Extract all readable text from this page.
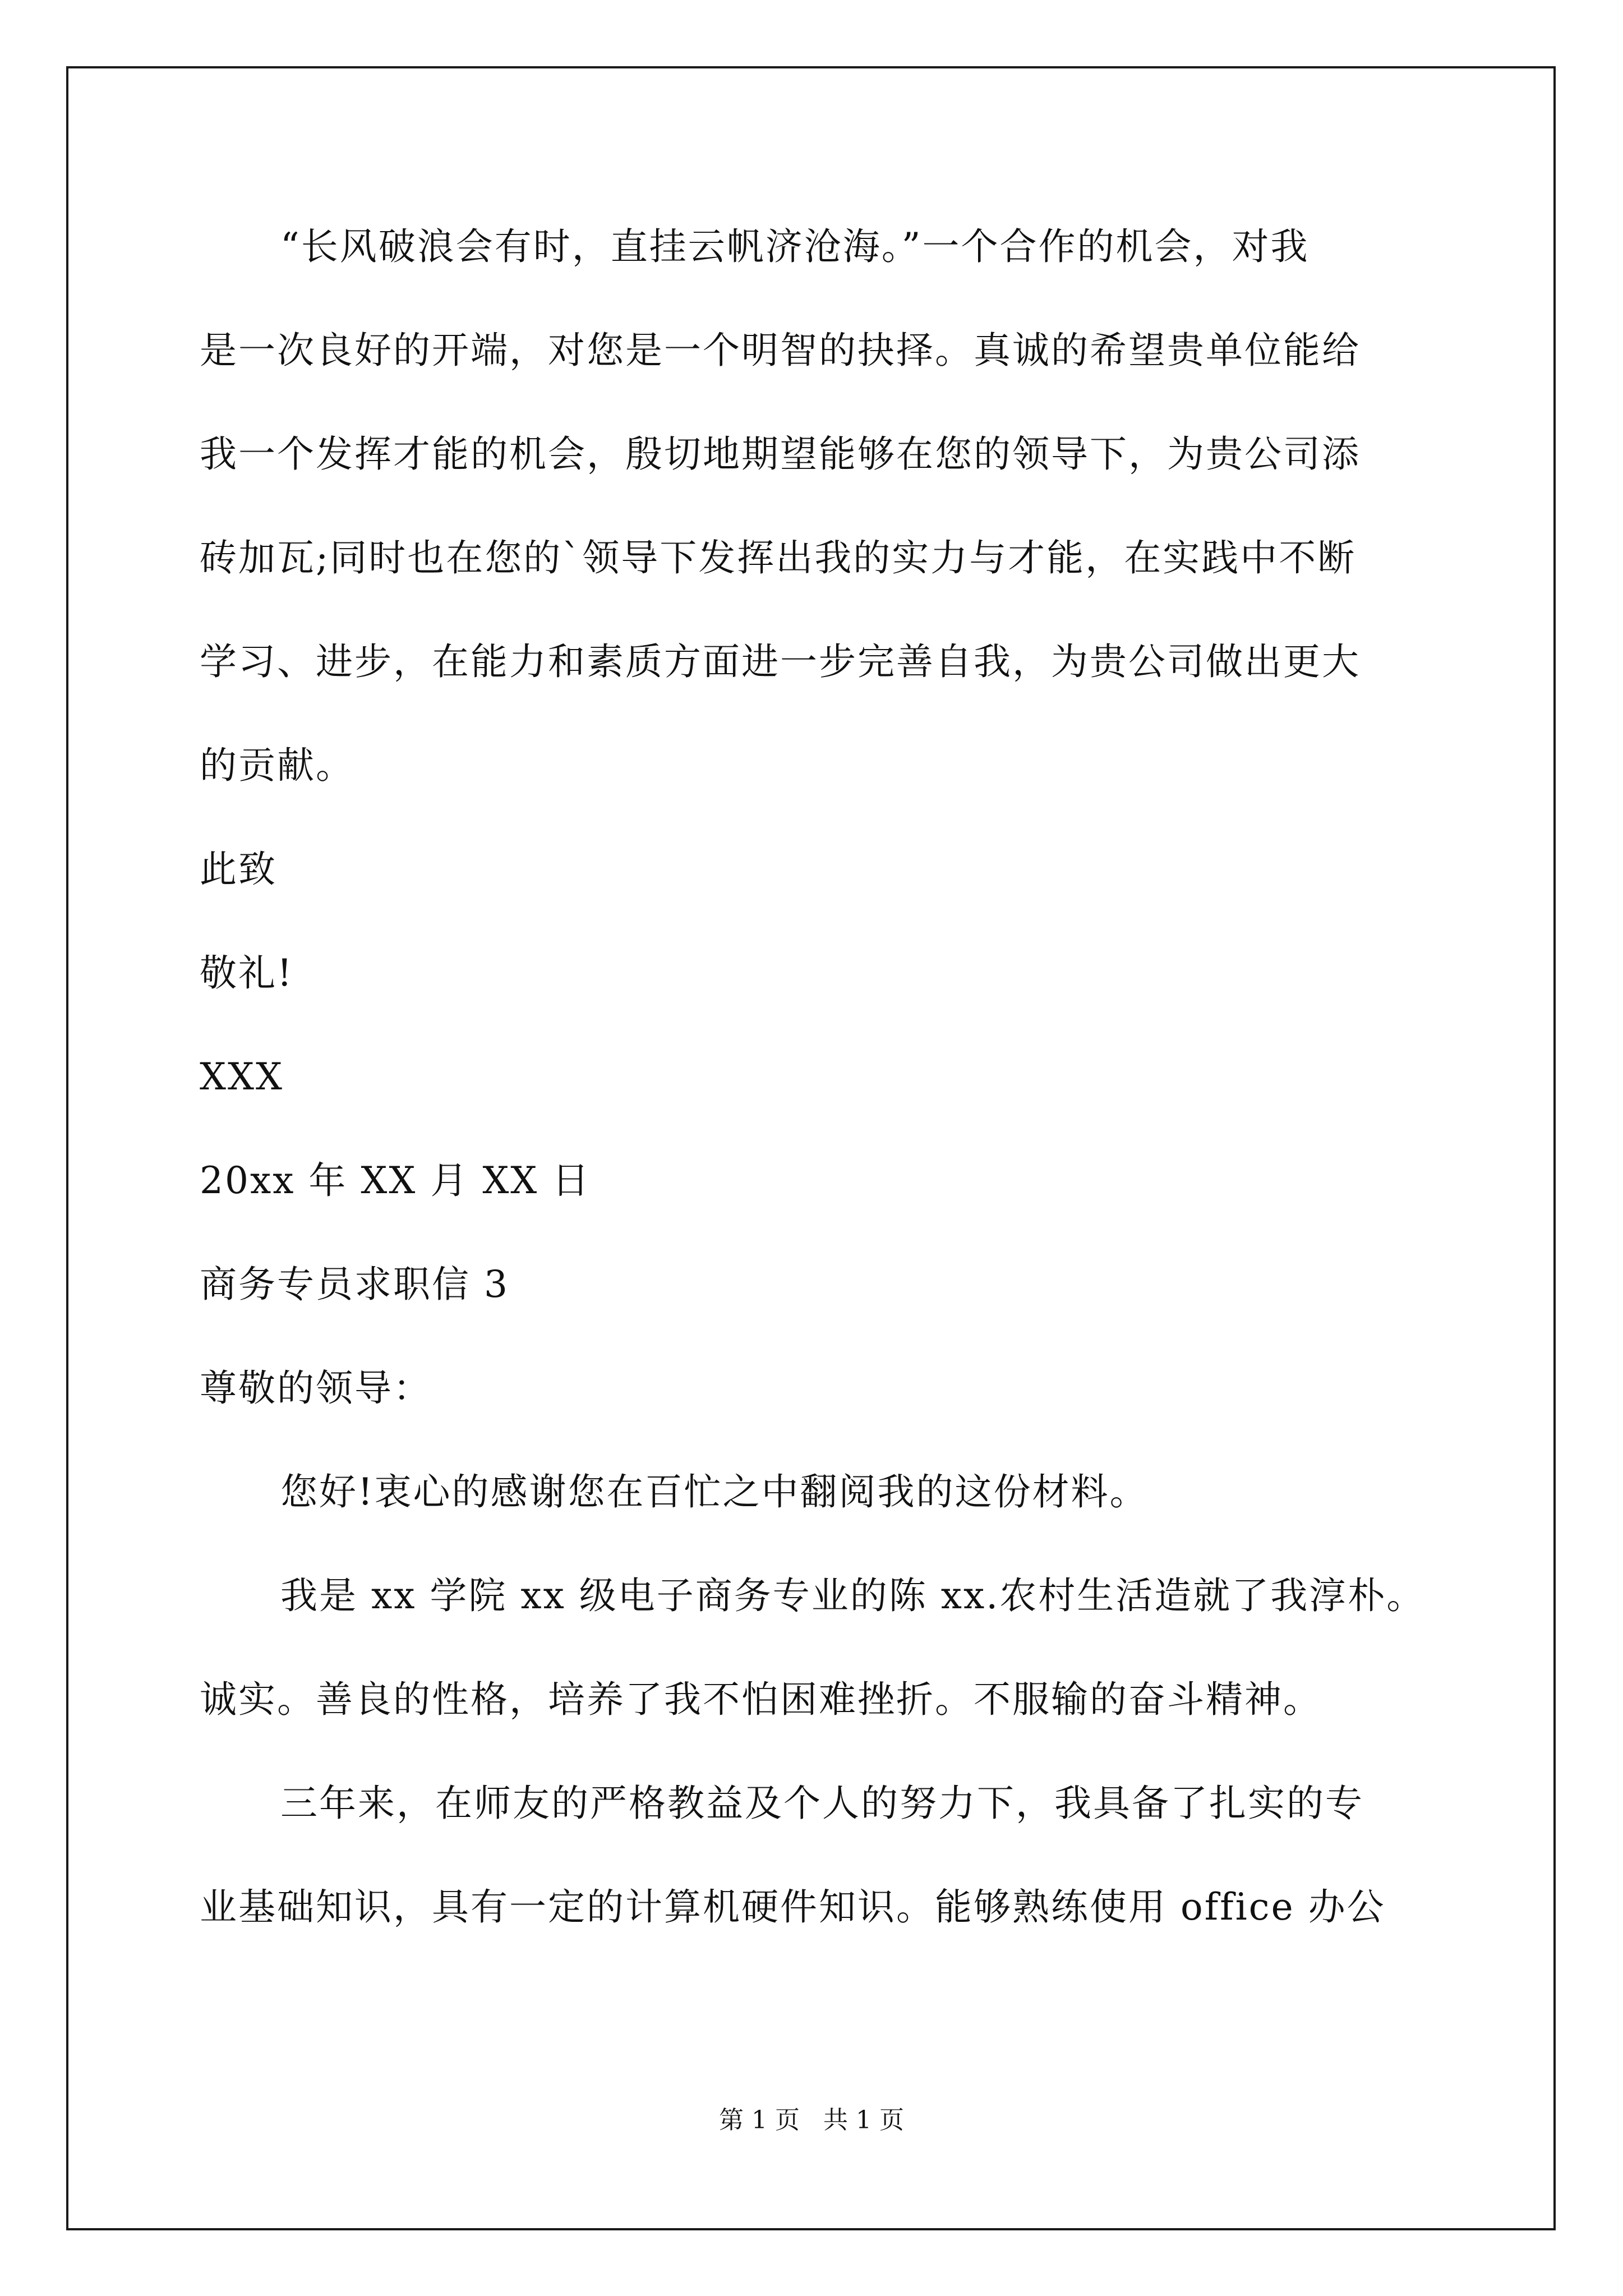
“长风破浪会有时，直挂云帆济沧海。”一个合作的机会，对我
是一次良好的开端，对您是一个明智的抉择。真诚的希望贵单位能给
我一个发挥才能的机会，殷切地期望能够在您的领导下，为贵公司添
砖加瓦;同时也在您的`领导下发挥出我的实力与才能，在实践中不断
学习、进步，在能力和素质方面进一步完善自我，为贵公司做出更大
的贡献。
此致
敬礼!
XXX
20xx 年 XX 月 XX 日
商务专员求职信 3
尊敬的领导：
您好!衷心的感谢您在百忙之中翻阅我的这份材料。
我是 xx 学院 xx 级电子商务专业的陈 xx.农村生活造就了我淳朴。
诚实。善良的性格，培养了我不怕困难挫折。不服输的奋斗精神。
三年来，在师友的严格教益及个人的努力下，我具备了扎实的专
业基础知识，具有一定的计算机硬件知识。能够熟练使用 office 办公
第 1 页   共 1 页
